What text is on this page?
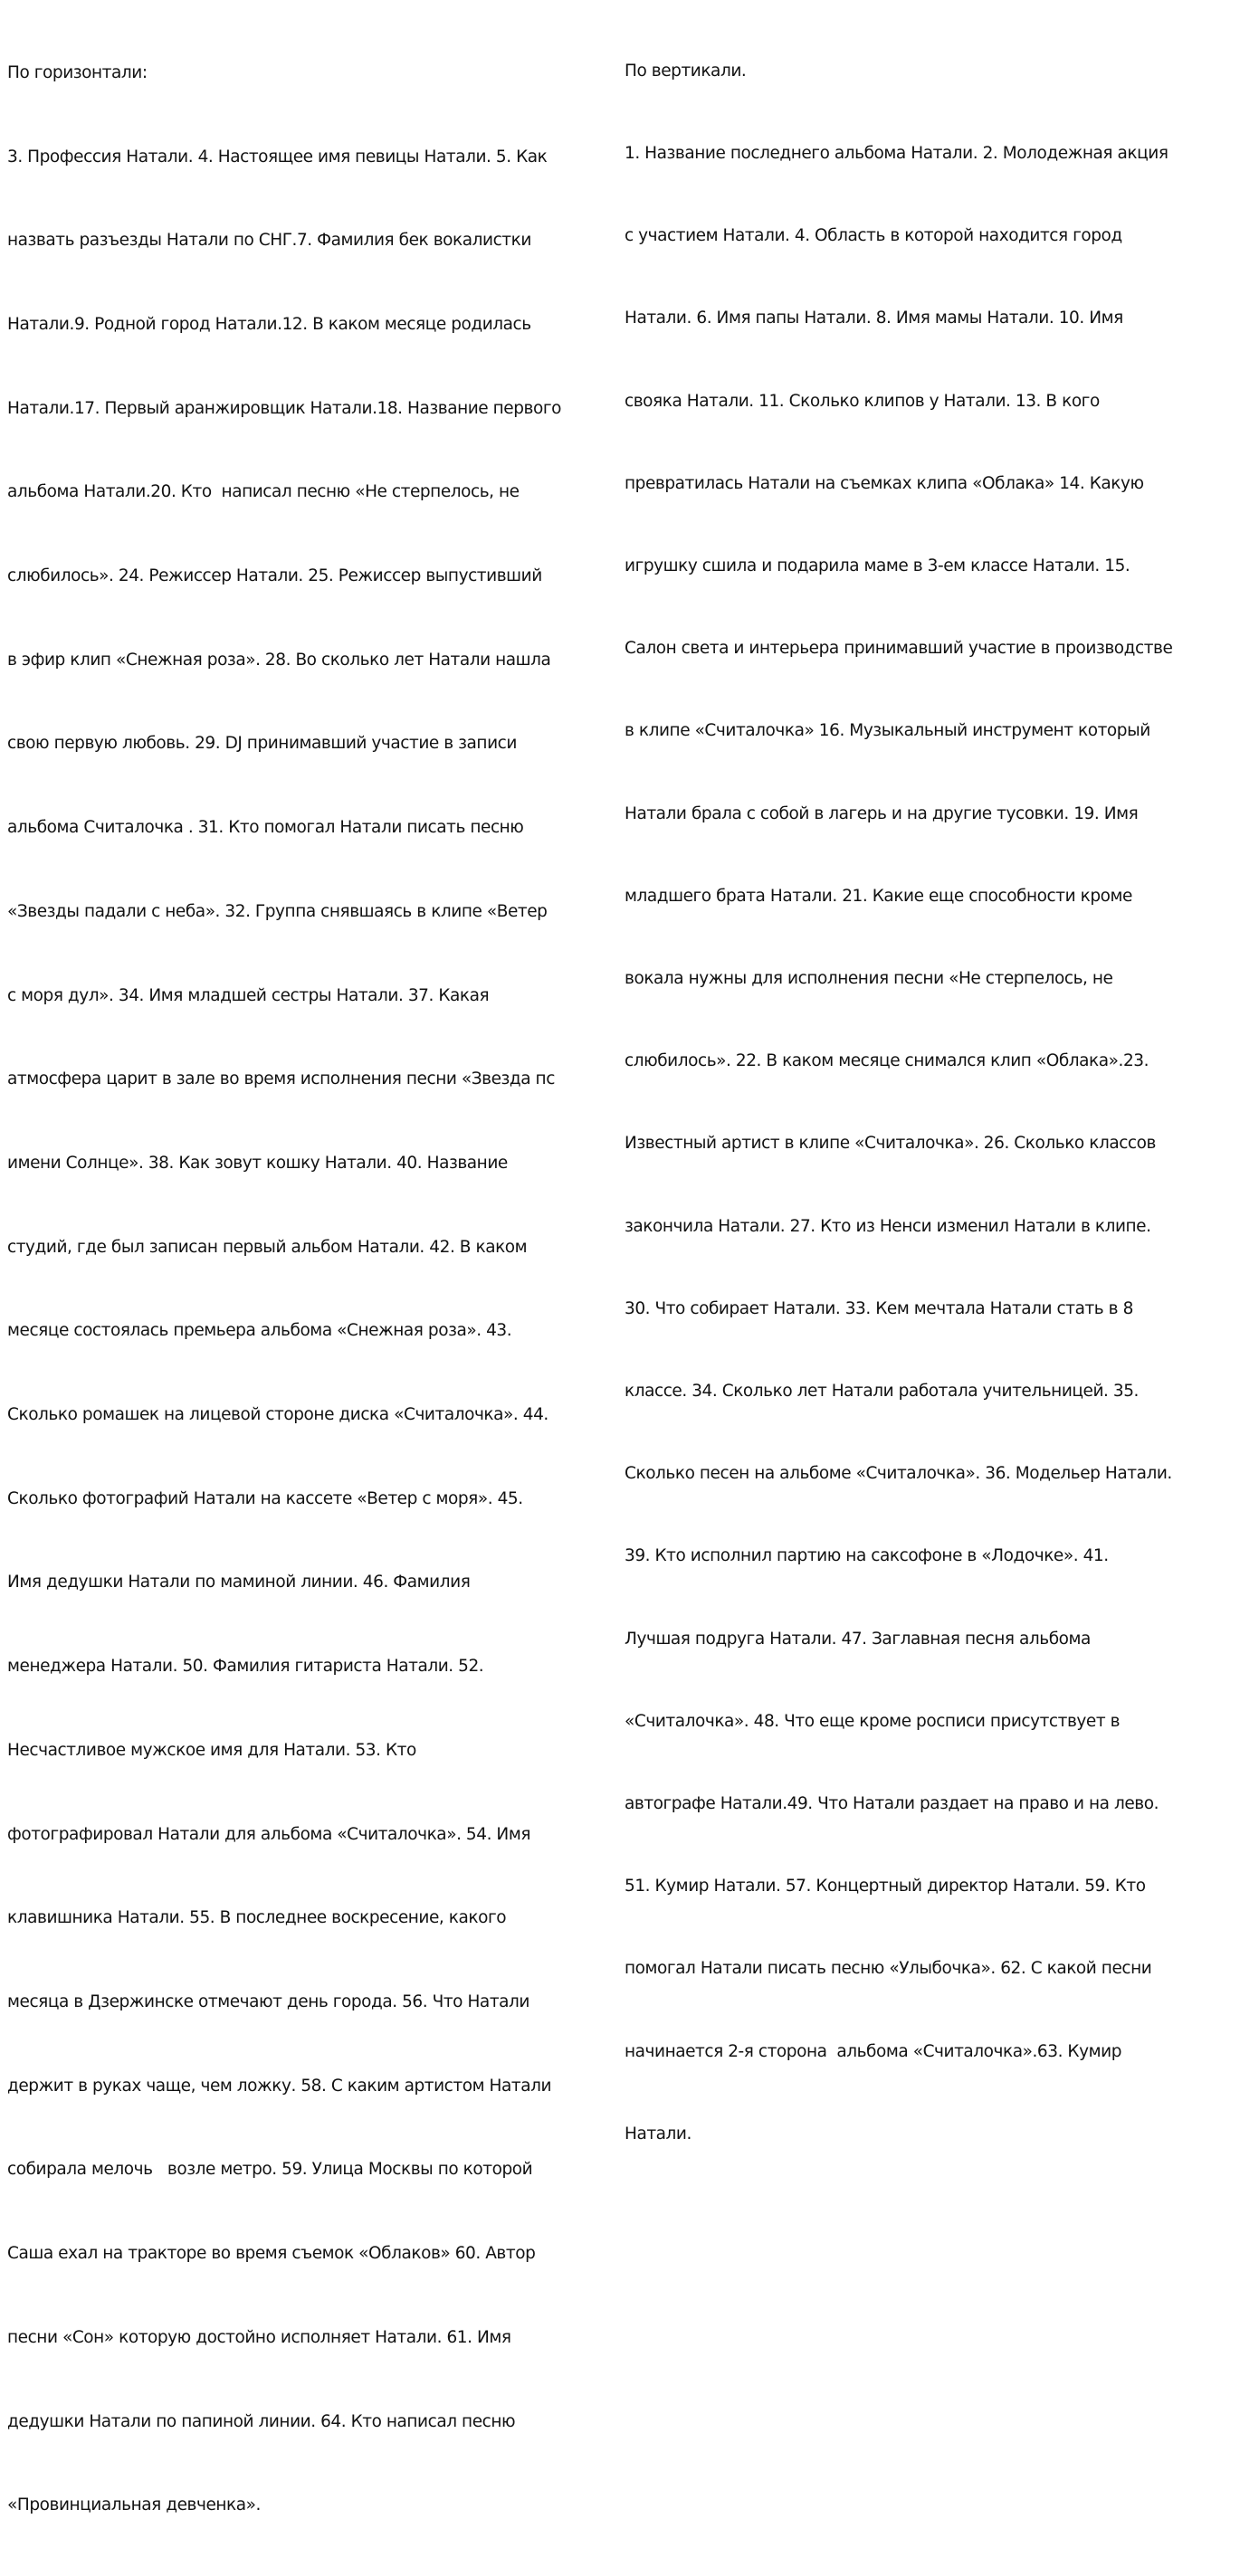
По горизонтали:

3. Профессия Натали. 4. Настоящее имя певицы Натали. 5. Как

назвать разъезды Натали по СНГ.7. Фамилия бек вокалистки

Натали.9. Родной город Натали.12. В каком месяце родилась

Натали.17. Первый аранжировщик Натали.18. Название первого

альбома Натали.20. Кто  написал песню «Не стерпелось, не

слюбилось». 24. Режиссер Натали. 25. Режиссер выпустивший

в эфир клип «Снежная роза». 28. Во сколько лет Натали нашла

свою первую любовь. 29. DJ принимавший участие в записи

альбома Считалочка . 31. Кто помогал Натали писать песню

«Звезды падали с неба». 32. Группа снявшаясь в клипе «Ветер

с моря дул». 34. Имя младшей сестры Натали. 37. Какая

атмосфера царит в зале во время исполнения песни «Звезда пс

имени Солнце». 38. Как зовут кошку Натали. 40. Название

студий, где был записан первый альбом Натали. 42. В каком

месяце состоялась премьера альбома «Снежная роза». 43.

Сколько ромашек на лицевой стороне диска «Считалочка». 44.

Сколько фотографий Натали на кассете «Ветер с моря». 45.

Имя дедушки Натали по маминой линии. 46. Фамилия

менеджера Натали. 50. Фамилия гитариста Натали. 52.

Несчастливое мужское имя для Натали. 53. Кто

фотографировал Натали для альбома «Считалочка». 54. Имя

клавишника Натали. 55. В последнее воскресение, какого

месяца в Дзержинске отмечают день города. 56. Что Натали

держит в руках чаще, чем ложку. 58. С каким артистом Натали

собирала мелочь   возле метро. 59. Улица Москвы по которой

Саша ехал на тракторе во время съемок «Облаков» 60. Автор

песни «Сон» которую достойно исполняет Натали. 61. Имя

дедушки Натали по папиной линии. 64. Кто написал песню

«Провинциальная девченка».

По вертикали.

1. Название последнего альбома Натали. 2. Молодежная акция

с участием Натали. 4. Область в которой находится город

Натали. 6. Имя папы Натали. 8. Имя мамы Натали. 10. Имя

свояка Натали. 11. Сколько клипов у Натали. 13. В кого

превратилась Натали на съемках клипа «Облака» 14. Какую

игрушку сшила и подарила маме в 3-ем классе Натали. 15.

Салон света и интерьера принимавший участие в производстве

в клипе «Считалочка» 16. Музыкальный инструмент который

Натали брала с собой в лагерь и на другие тусовки. 19. Имя

младшего брата Натали. 21. Какие еще способности кроме

вокала нужны для исполнения песни «Не стерпелось, не

слюбилось». 22. В каком месяце снимался клип «Облака».23.

Известный артист в клипе «Считалочка». 26. Сколько классов

закончила Натали. 27. Кто из Ненси изменил Натали в клипе.

30. Что собирает Натали. 33. Кем мечтала Натали стать в 8

классе. 34. Сколько лет Натали работала учительницей. 35.

Сколько песен на альбоме «Считалочка». 36. Модельер Натали.

39. Кто исполнил партию на саксофоне в «Лодочке». 41.

Лучшая подруга Натали. 47. Заглавная песня альбома

«Считалочка». 48. Что еще кроме росписи присутствует в

автографе Натали.49. Что Натали раздает на право и на лево.

51. Кумир Натали. 57. Концертный директор Натали. 59. Кто

помогал Натали писать песню «Улыбочка». 62. С какой песни

начинается 2-я сторона  альбома «Считалочка».63. Кумир

Натали.
